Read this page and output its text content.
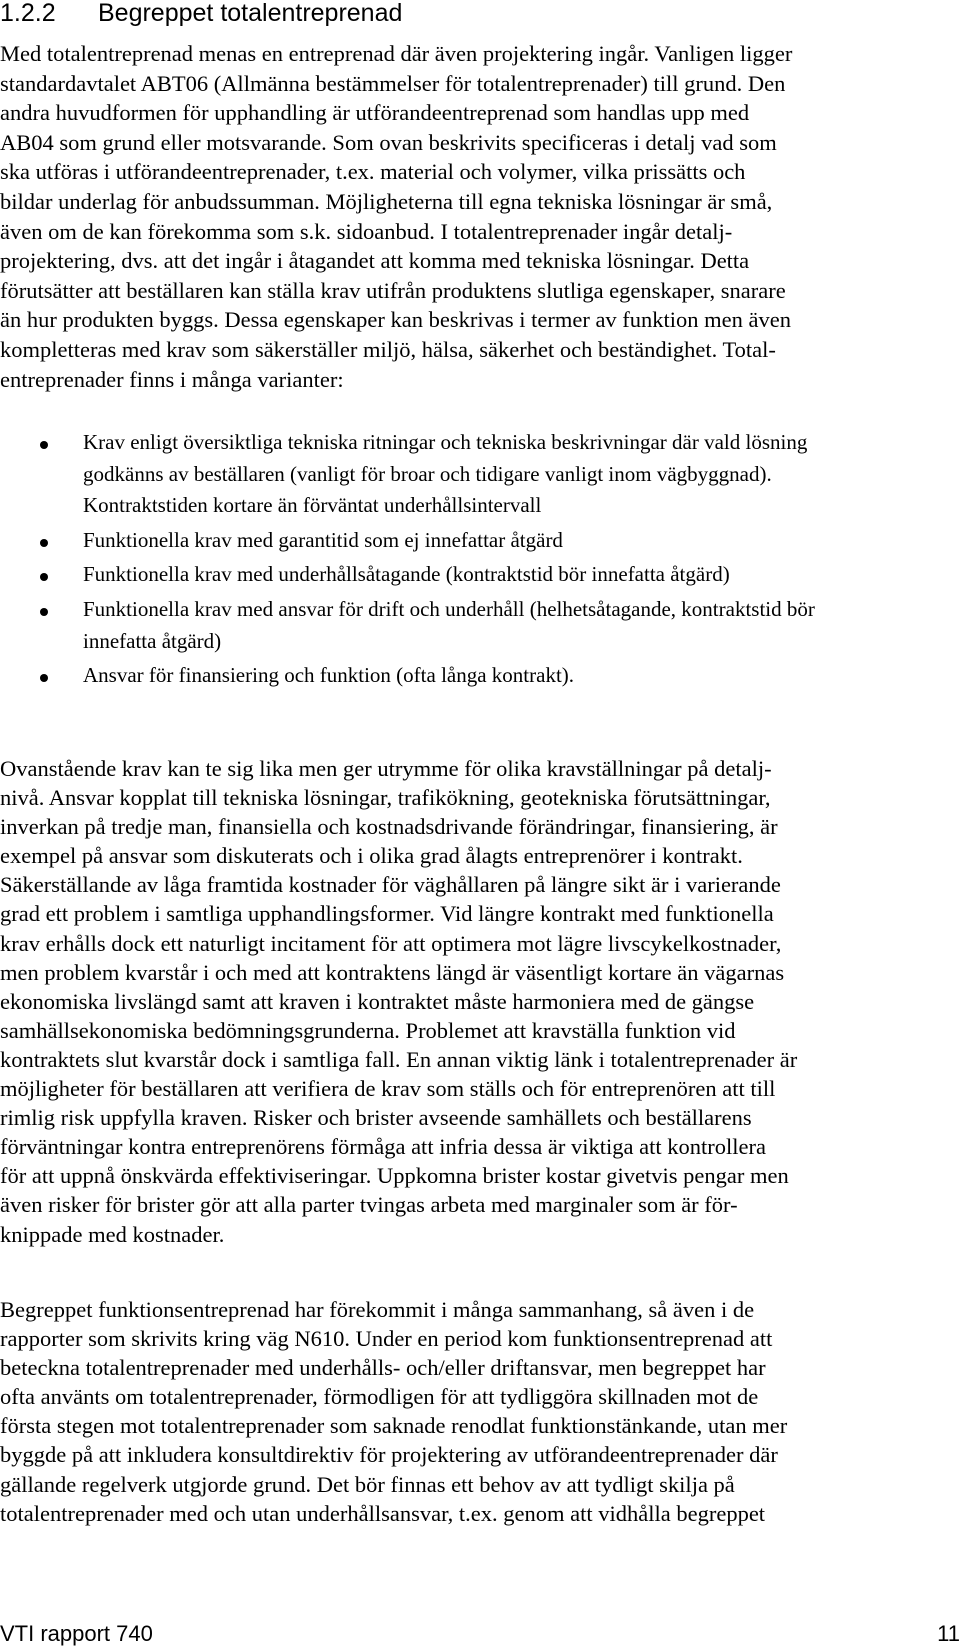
1.2.2 Begreppet totalentreprenad
Med totalentreprenad menas en entreprenad där även projektering ingår. Vanligen ligger
standardavtalet ABT06 (Allmänna bestämmelser för totalentreprenader) till grund. Den
andra huvudformen för upphandling är utförandeentreprenad som handlas upp med
AB04 som grund eller motsvarande. Som ovan beskrivits specificeras i detalj vad som
ska utföras i utförandeentreprenader, t.ex. material och volymer, vilka prissätts och
bildar underlag för anbudssumman. Möjligheterna till egna tekniska lösningar är små,
även om de kan förekomma som s.k. sidoanbud. I totalentreprenader ingår detalj-
projektering, dvs. att det ingår i åtagandet att komma med tekniska lösningar. Detta
förutsätter att beställaren kan ställa krav utifrån produktens slutliga egenskaper, snarare
än hur produkten byggs. Dessa egenskaper kan beskrivas i termer av funktion men även
kompletteras med krav som säkerställer miljö, hälsa, säkerhet och beständighet. Total-
entreprenader finns i många varianter:
Krav enligt översiktliga tekniska ritningar och tekniska beskrivningar där vald lösning
godkänns av beställaren (vanligt för broar och tidigare vanligt inom vägbyggnad).
Kontraktstiden kortare än förväntat underhållsintervall
Funktionella krav med garantitid som ej innefattar åtgärd
Funktionella krav med underhållsåtagande (kontraktstid bör innefatta åtgärd)
Funktionella krav med ansvar för drift och underhåll (helhetsåtagande, kontraktstid bör
innefatta åtgärd)
Ansvar för finansiering och funktion (ofta långa kontrakt).
Ovanstående krav kan te sig lika men ger utrymme för olika kravställningar på detalj-
nivå. Ansvar kopplat till tekniska lösningar, trafikökning, geotekniska förutsättningar,
inverkan på tredje man, finansiella och kostnadsdrivande förändringar, finansiering, är
exempel på ansvar som diskuterats och i olika grad ålagts entreprenörer i kontrakt.
Säkerställande av låga framtida kostnader för väghållaren på längre sikt är i varierande
grad ett problem i samtliga upphandlingsformer. Vid längre kontrakt med funktionella
krav erhålls dock ett naturligt incitament för att optimera mot lägre livscykelkostnader,
men problem kvarstår i och med att kontraktens längd är väsentligt kortare än vägarnas
ekonomiska livslängd samt att kraven i kontraktet måste harmoniera med de gängse
samhällsekonomiska bedömningsgrunderna. Problemet att kravställa funktion vid
kontraktets slut kvarstår dock i samtliga fall. En annan viktig länk i totalentreprenader är
möjligheter för beställaren att verifiera de krav som ställs och för entreprenören att till
rimlig risk uppfylla kraven. Risker och brister avseende samhällets och beställarens
förväntningar kontra entreprenörens förmåga att infria dessa är viktiga att kontrollera
för att uppnå önskvärda effektiviseringar. Uppkomna brister kostar givetvis pengar men
även risker för brister gör att alla parter tvingas arbeta med marginaler som är för-
knippade med kostnader.
Begreppet funktionsentreprenad har förekommit i många sammanhang, så även i de
rapporter som skrivits kring väg N610. Under en period kom funktionsentreprenad att
beteckna totalentreprenader med underhålls- och/eller driftansvar, men begreppet har
ofta använts om totalentreprenader, förmodligen för att tydliggöra skillnaden mot de
första stegen mot totalentreprenader som saknade renodlat funktionstänkande, utan mer
byggde på att inkludera konsultdirektiv för projektering av utförandeentreprenader där
gällande regelverk utgjorde grund. Det bör finnas ett behov av att tydligt skilja på
totalentreprenader med och utan underhållsansvar, t.ex. genom att vidhålla begreppet
VTI rapport 740	11
